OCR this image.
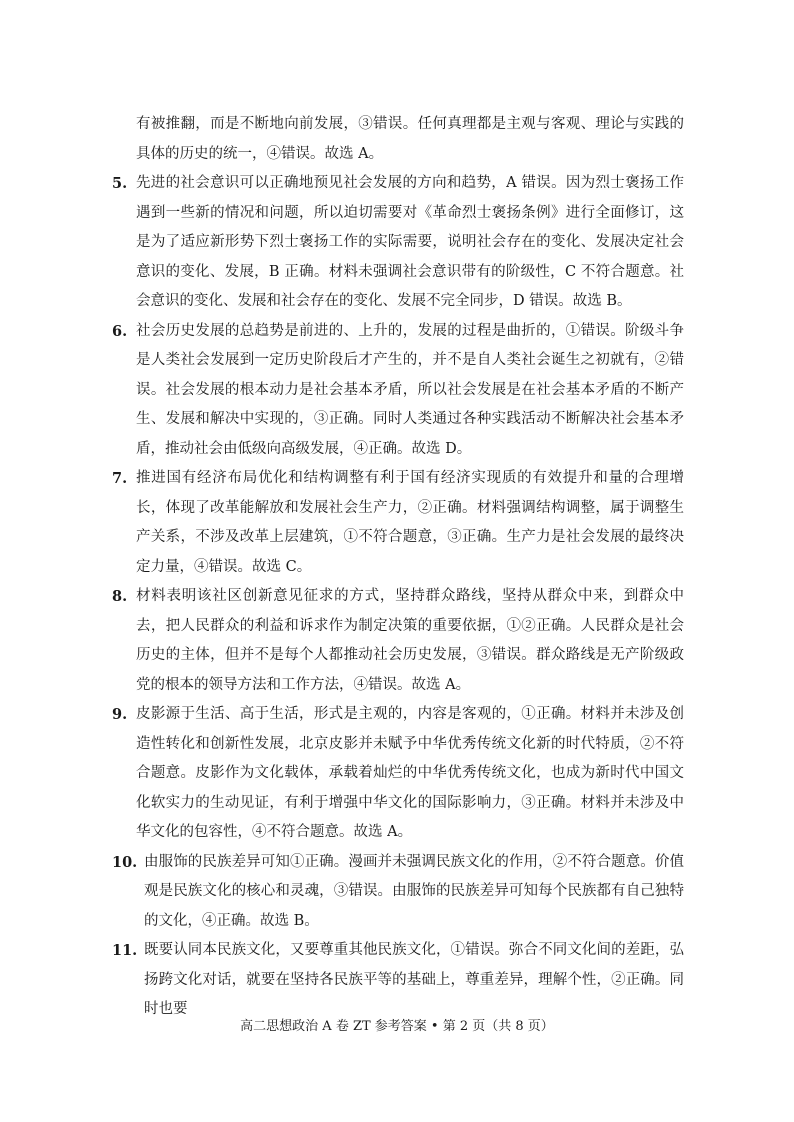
有被推翻，而是不断地向前发展，③错误。任何真理都是主观与客观、理论与实践的具体的历史的统一，④错误。故选 A。

5. 先进的社会意识可以正确地预见社会发展的方向和趋势，A 错误。因为烈士褒扬工作遇到一些新的情况和问题，所以迫切需要对《革命烈士褒扬条例》进行全面修订，这是为了适应新形势下烈士褒扬工作的实际需要，说明社会存在的变化、发展决定社会意识的变化、发展，B 正确。材料未强调社会意识带有的阶级性，C 不符合题意。社会意识的变化、发展和社会存在的变化、发展不完全同步，D 错误。故选 B。
6. 社会历史发展的总趋势是前进的、上升的，发展的过程是曲折的，①错误。阶级斗争是人类社会发展到一定历史阶段后才产生的，并不是自人类社会诞生之初就有，②错误。社会发展的根本动力是社会基本矛盾，所以社会发展是在社会基本矛盾的不断产生、发展和解决中实现的，③正确。同时人类通过各种实践活动不断解决社会基本矛盾，推动社会由低级向高级发展，④正确。故选 D。
7. 推进国有经济布局优化和结构调整有利于国有经济实现质的有效提升和量的合理增长，体现了改革能解放和发展社会生产力，②正确。材料强调结构调整，属于调整生产关系，不涉及改革上层建筑，①不符合题意，③正确。生产力是社会发展的最终决定力量，④错误。故选 C。
8. 材料表明该社区创新意见征求的方式，坚持群众路线，坚持从群众中来，到群众中去，把人民群众的利益和诉求作为制定决策的重要依据，①②正确。人民群众是社会历史的主体，但并不是每个人都推动社会历史发展，③错误。群众路线是无产阶级政党的根本的领导方法和工作方法，④错误。故选 A。
9. 皮影源于生活、高于生活，形式是主观的，内容是客观的，①正确。材料并未涉及创造性转化和创新性发展，北京皮影并未赋予中华优秀传统文化新的时代特质，②不符合题意。皮影作为文化载体，承载着灿烂的中华优秀传统文化，也成为新时代中国文化软实力的生动见证，有利于增强中华文化的国际影响力，③正确。材料并未涉及中华文化的包容性，④不符合题意。故选 A。
10. 由服饰的民族差异可知①正确。漫画并未强调民族文化的作用，②不符合题意。价值观是民族文化的核心和灵魂，③错误。由服饰的民族差异可知每个民族都有自己独特的文化，④正确。故选 B。
11. 既要认同本民族文化，又要尊重其他民族文化，①错误。弥合不同文化间的差距，弘扬跨文化对话，就要在坚持各民族平等的基础上，尊重差异，理解个性，②正确。同时也要
高二思想政治 A 卷 ZT 参考答案 • 第 2 页（共 8 页）
